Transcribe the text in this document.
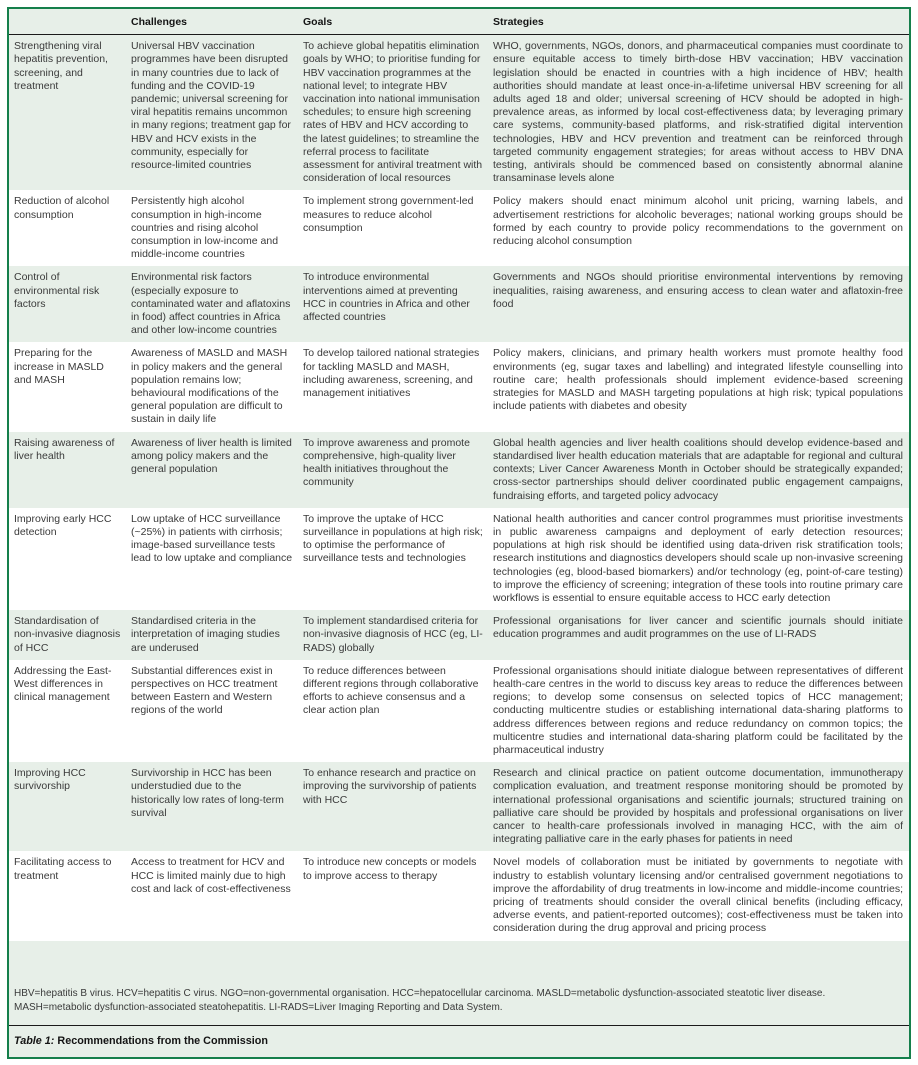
	Challenges	Goals	Strategies
Strengthening viral hepatitis prevention, screening, and treatment	Universal HBV vaccination programmes have been disrupted in many countries due to lack of funding and the COVID-19 pandemic; universal screening for viral hepatitis remains uncommon in many regions; treatment gap for HBV and HCV exists in the community, especially for resource-limited countries	To achieve global hepatitis elimination goals by WHO; to prioritise funding for HBV vaccination programmes at the national level; to integrate HBV vaccination into national immunisation schedules; to ensure high screening rates of HBV and HCV according to the latest guidelines; to streamline the referral process to facilitate assessment for antiviral treatment with consideration of local resources	WHO, governments, NGOs, donors, and pharmaceutical companies must coordinate to ensure equitable access to timely birth-dose HBV vaccination; HBV vaccination legislation should be enacted in countries with a high incidence of HBV; health authorities should mandate at least once-in-a-lifetime universal HBV screening for all adults aged 18 and older; universal screening of HCV should be adopted in high-prevalence areas, as informed by local cost-effectiveness data; by leveraging primary care systems, community-based platforms, and risk-stratified digital intervention technologies, HBV and HCV prevention and treatment can be reinforced through targeted community engagement strategies; for areas without access to HBV DNA testing, antivirals should be commenced based on consistently abnormal alanine transaminase levels alone
Reduction of alcohol consumption	Persistently high alcohol consumption in high-income countries and rising alcohol consumption in low-income and middle-income countries	To implement strong government-led measures to reduce alcohol consumption	Policy makers should enact minimum alcohol unit pricing, warning labels, and advertisement restrictions for alcoholic beverages; national working groups should be formed by each country to provide policy recommendations to the government on reducing alcohol consumption
Control of environmental risk factors	Environmental risk factors (especially exposure to contaminated water and aflatoxins in food) affect countries in Africa and other low-income countries	To introduce environmental interventions aimed at preventing HCC in countries in Africa and other affected countries	Governments and NGOs should prioritise environmental interventions by removing inequalities, raising awareness, and ensuring access to clean water and aflatoxin-free food
Preparing for the increase in MASLD and MASH	Awareness of MASLD and MASH in policy makers and the general population remains low; behavioural modifications of the general population are difficult to sustain in daily life	To develop tailored national strategies for tackling MASLD and MASH, including awareness, screening, and management initiatives	Policy makers, clinicians, and primary health workers must promote healthy food environments (eg, sugar taxes and labelling) and integrated lifestyle counselling into routine care; health professionals should implement evidence-based screening strategies for MASLD and MASH targeting populations at high risk; typical populations include patients with diabetes and obesity
Raising awareness of liver health	Awareness of liver health is limited among policy makers and the general population	To improve awareness and promote comprehensive, high-quality liver health initiatives throughout the community	Global health agencies and liver health coalitions should develop evidence-based and standardised liver health education materials that are adaptable for regional and cultural contexts; Liver Cancer Awareness Month in October should be strategically expanded; cross-sector partnerships should deliver coordinated public engagement campaigns, fundraising efforts, and targeted policy advocacy
Improving early HCC detection	Low uptake of HCC surveillance (~25%) in patients with cirrhosis; image-based surveillance tests lead to low uptake and compliance	To improve the uptake of HCC surveillance in populations at high risk; to optimise the performance of surveillance tests and technologies	National health authorities and cancer control programmes must prioritise investments in public awareness campaigns and deployment of early detection resources; populations at high risk should be identified using data-driven risk stratification tools; research institutions and diagnostics developers should scale up non-invasive screening technologies (eg, blood-based biomarkers) and/or technology (eg, point-of-care testing) to improve the efficiency of screening; integration of these tools into routine primary care workflows is essential to ensure equitable access to HCC early detection
Standardisation of non-invasive diagnosis of HCC	Standardised criteria in the interpretation of imaging studies are underused	To implement standardised criteria for non-invasive diagnosis of HCC (eg, LI-RADS) globally	Professional organisations for liver cancer and scientific journals should initiate education programmes and audit programmes on the use of LI-RADS
Addressing the East-West differences in clinical management	Substantial differences exist in perspectives on HCC treatment between Eastern and Western regions of the world	To reduce differences between different regions through collaborative efforts to achieve consensus and a clear action plan	Professional organisations should initiate dialogue between representatives of different health-care centres in the world to discuss key areas to reduce the differences between regions; to develop some consensus on selected topics of HCC management; conducting multicentre studies or establishing international data-sharing platforms to address differences between regions and reduce redundancy on common topics; the multicentre studies and international data-sharing platform could be facilitated by the pharmaceutical industry
Improving HCC survivorship	Survivorship in HCC has been understudied due to the historically low rates of long-term survival	To enhance research and practice on improving the survivorship of patients with HCC	Research and clinical practice on patient outcome documentation, immunotherapy complication evaluation, and treatment response monitoring should be promoted by international professional organisations and scientific journals; structured training on palliative care should be provided by hospitals and professional organisations on liver cancer to health-care professionals involved in managing HCC, with the aim of integrating palliative care in the early phases for patients in need
Facilitating access to treatment	Access to treatment for HCV and HCC is limited mainly due to high cost and lack of cost-effectiveness	To introduce new concepts or models to improve access to therapy	Novel models of collaboration must be initiated by governments to negotiate with industry to establish voluntary licensing and/or centralised government negotiations to improve the affordability of drug treatments in low-income and middle-income countries; pricing of treatments should consider the overall clinical benefits (including efficacy, adverse events, and patient-reported outcomes); cost-effectiveness must be taken into consideration during the drug approval and pricing process
HBV=hepatitis B virus. HCV=hepatitis C virus. NGO=non-governmental organisation. HCC=hepatocellular carcinoma. MASLD=metabolic dysfunction-associated steatotic liver disease. MASH=metabolic dysfunction-associated steatohepatitis. LI-RADS=Liver Imaging Reporting and Data System.
Table 1: Recommendations from the Commission
